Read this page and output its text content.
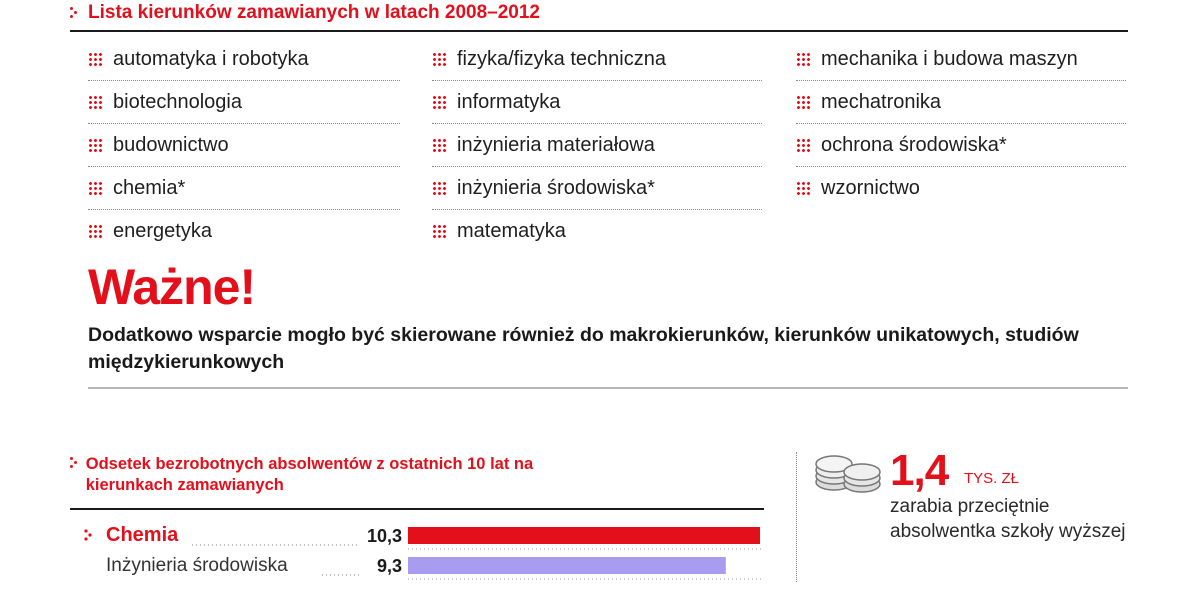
Lista kierunków zamawianych w latach 2008–2012
automatyka i robotyka
biotechnologia
budownictwo
chemia*
energetyka
fizyka/fizyka techniczna
informatyka
inżynieria materiałowa
inżynieria środowiska*
matematyka
mechanika i budowa maszyn
mechatronika
ochrona środowiska*
wzornictwo
Ważne!
Dodatkowo wsparcie mogło być skierowane również do makrokierunków, kierunków unikatowych, studiów międzykierunkowych
Odsetek bezrobotnych absolwentów z ostatnich 10 lat na kierunkach zamawianych
Chemia	10,3
Inżynieria środowiska	9,3
1,4 TYS. ZŁ
zarabia przeciętnie absolwentka szkoły wyższej
